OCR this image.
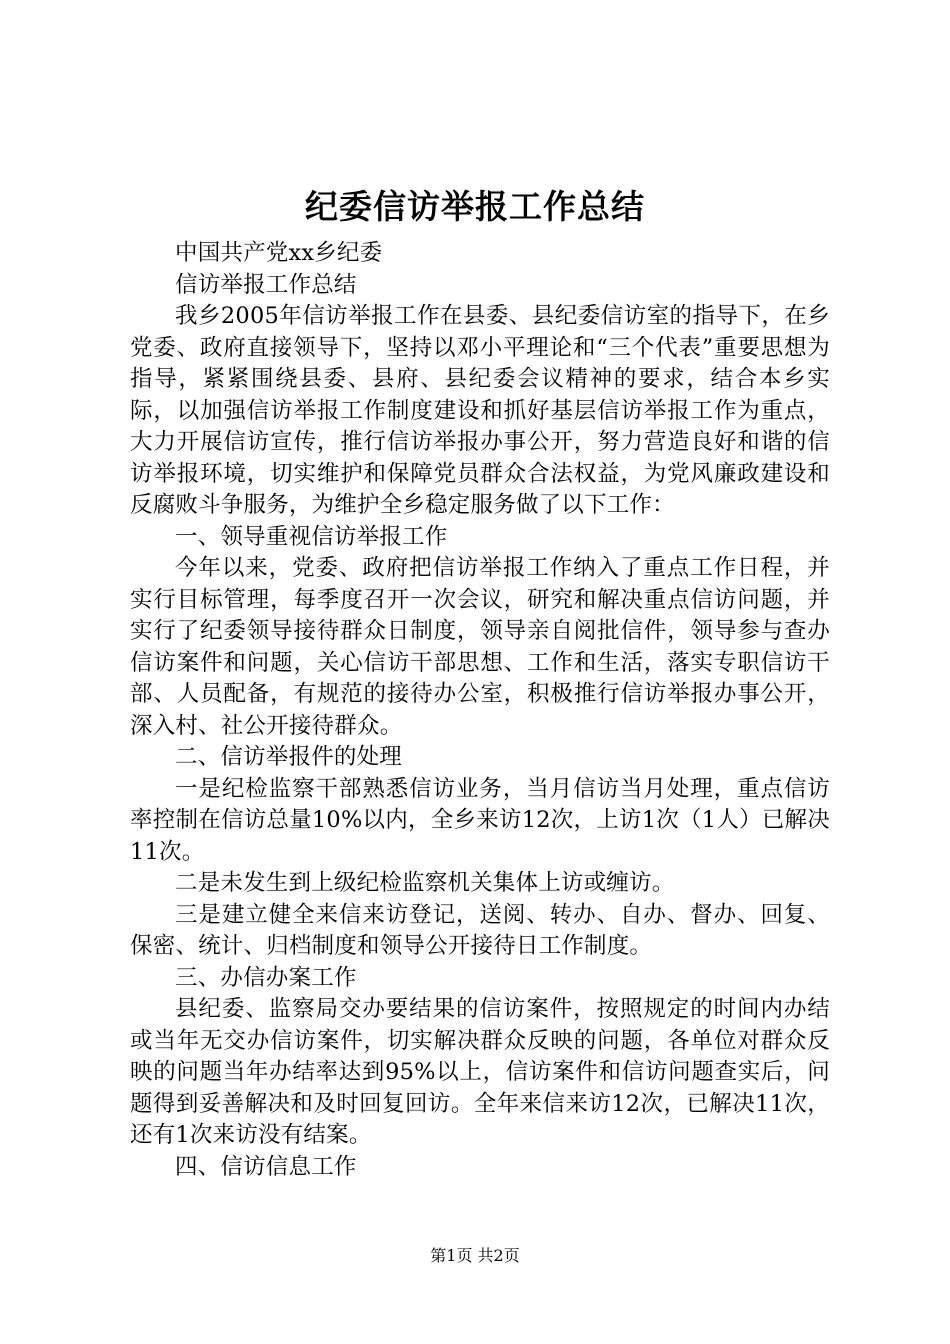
纪委信访举报工作总结

中国共产党xx乡纪委

信访举报工作总结

我乡2005年信访举报工作在县委、县纪委信访室的指导下，在乡党委、政府直接领导下，坚持以邓小平理论和“三个代表”重要思想为指导，紧紧围绕县委、县府、县纪委会议精神的要求，结合本乡实际，以加强信访举报工作制度建设和抓好基层信访举报工作为重点，大力开展信访宣传，推行信访举报办事公开，努力营造良好和谐的信访举报环境，切实维护和保障党员群众合法权益，为党风廉政建设和反腐败斗争服务，为维护全乡稳定服务做了以下工作：

一、领导重视信访举报工作

今年以来，党委、政府把信访举报工作纳入了重点工作日程，并实行目标管理，每季度召开一次会议，研究和解决重点信访问题，并实行了纪委领导接待群众日制度，领导亲自阅批信件，领导参与查办信访案件和问题，关心信访干部思想、工作和生活，落实专职信访干部、人员配备，有规范的接待办公室，积极推行信访举报办事公开，深入村、社公开接待群众。

二、信访举报件的处理

一是纪检监察干部熟悉信访业务，当月信访当月处理，重点信访率控制在信访总量10%以内，全乡来访12次，上访1次（1人）已解决11次。

二是未发生到上级纪检监察机关集体上访或缠访。

三是建立健全来信来访登记，送阅、转办、自办、督办、回复、保密、统计、归档制度和领导公开接待日工作制度。

三、办信办案工作

县纪委、监察局交办要结果的信访案件，按照规定的时间内办结或当年无交办信访案件，切实解决群众反映的问题，各单位对群众反映的问题当年办结率达到95%以上，信访案件和信访问题查实后，问题得到妥善解决和及时回复回访。全年来信来访12次，已解决11次，还有1次来访没有结案。

四、信访信息工作

第1页 共2页
